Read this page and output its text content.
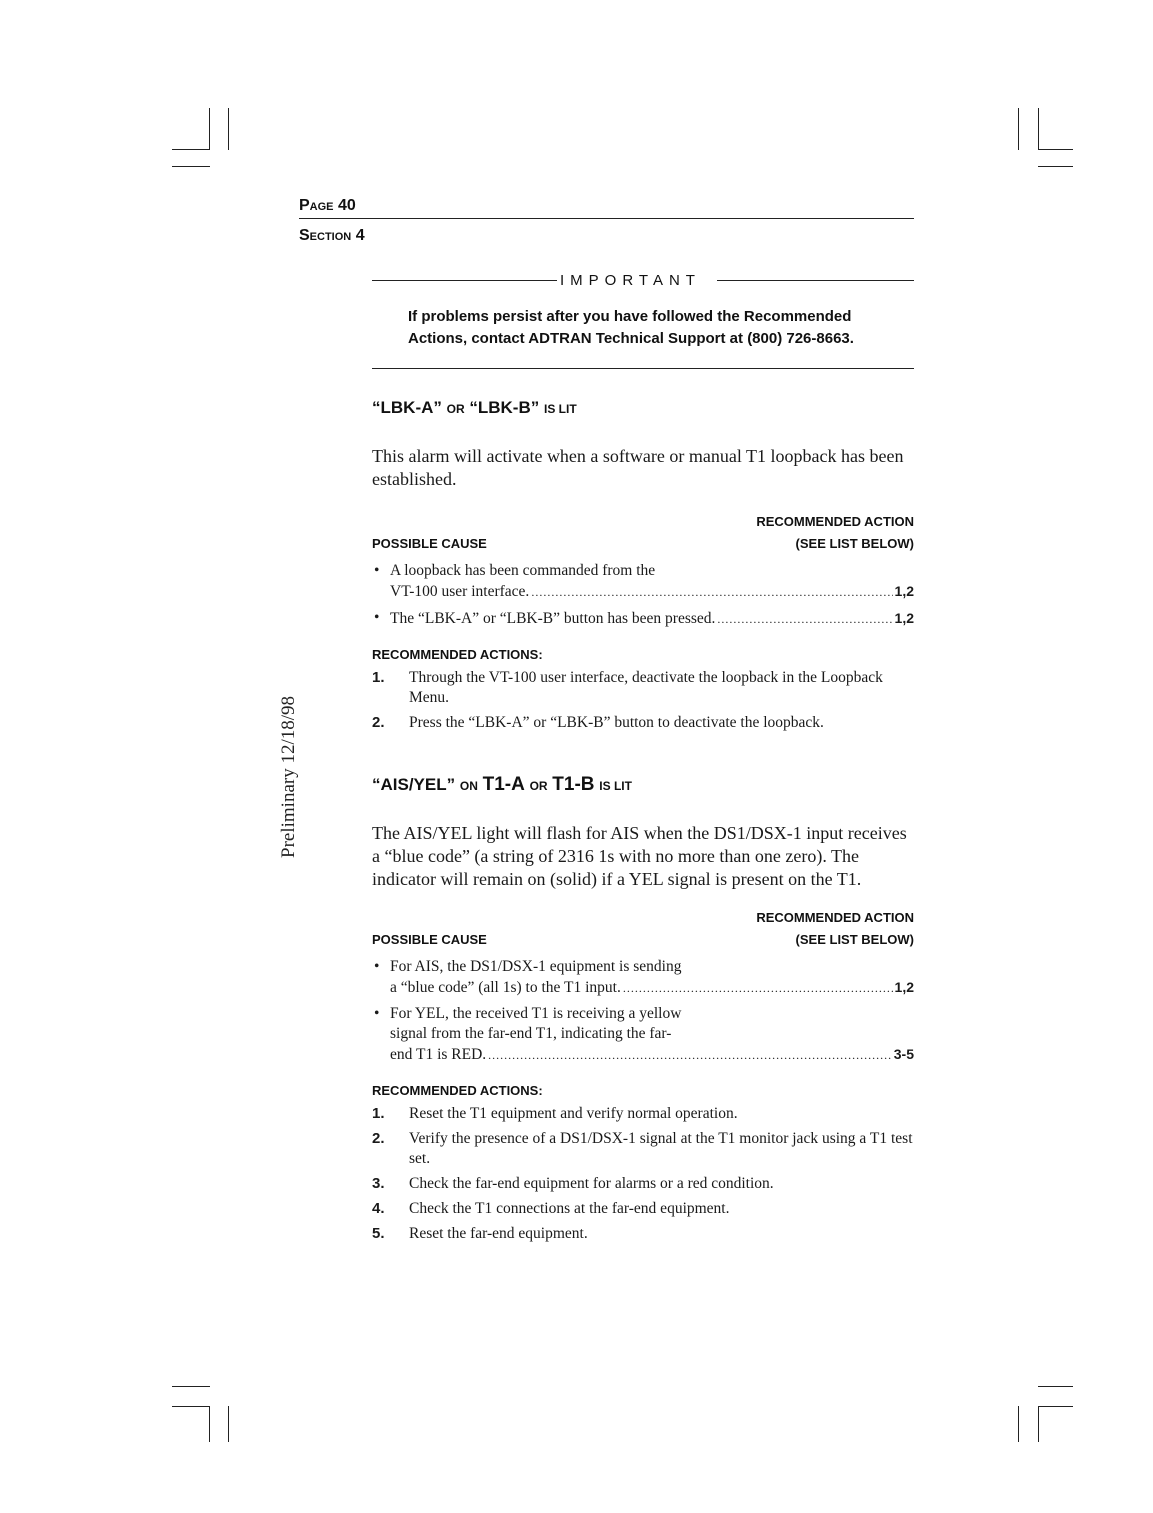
Page 40
Section 4
IMPORTANT
If problems persist after you have followed the Recommended Actions, contact ADTRAN Technical Support at (800) 726-8663.
“LBK-A” OR “LBK-B” IS LIT
This alarm will activate when a software or manual T1 loopback has been established.
RECOMMENDED ACTION
POSSIBLE CAUSE	(SEE LIST BELOW)
• A loopback has been commanded from the
VT-100 user interface. .....	1,2
• The “LBK-A” or “LBK-B” button has been pressed. .....	1,2
RECOMMENDED ACTIONS:
1. Through the VT-100 user interface, deactivate the loopback in the Loopback Menu.
2. Press the “LBK-A” or “LBK-B” button to deactivate the loopback.
“AIS/YEL” ON T1-A OR T1-B IS LIT
The AIS/YEL light will flash for AIS when the DS1/DSX-1 input receives a “blue code” (a string of 2316 1s with no more than one zero). The indicator will remain on (solid) if a YEL signal is present on the T1.
RECOMMENDED ACTION
POSSIBLE CAUSE	(SEE LIST BELOW)
• For AIS, the DS1/DSX-1 equipment is sending
a “blue code” (all 1s) to the T1 input. .....	1,2
• For YEL, the received T1 is receiving a yellow
signal from the far-end T1, indicating the far-
end T1 is RED. .....	3-5
RECOMMENDED ACTIONS:
1. Reset the T1 equipment and verify normal operation.
2. Verify the presence of a DS1/DSX-1 signal at the T1 monitor jack using a T1 test set.
3. Check the far-end equipment for alarms or a red condition.
4. Check the T1 connections at the far-end equipment.
5. Reset the far-end equipment.
Preliminary 12/18/98
